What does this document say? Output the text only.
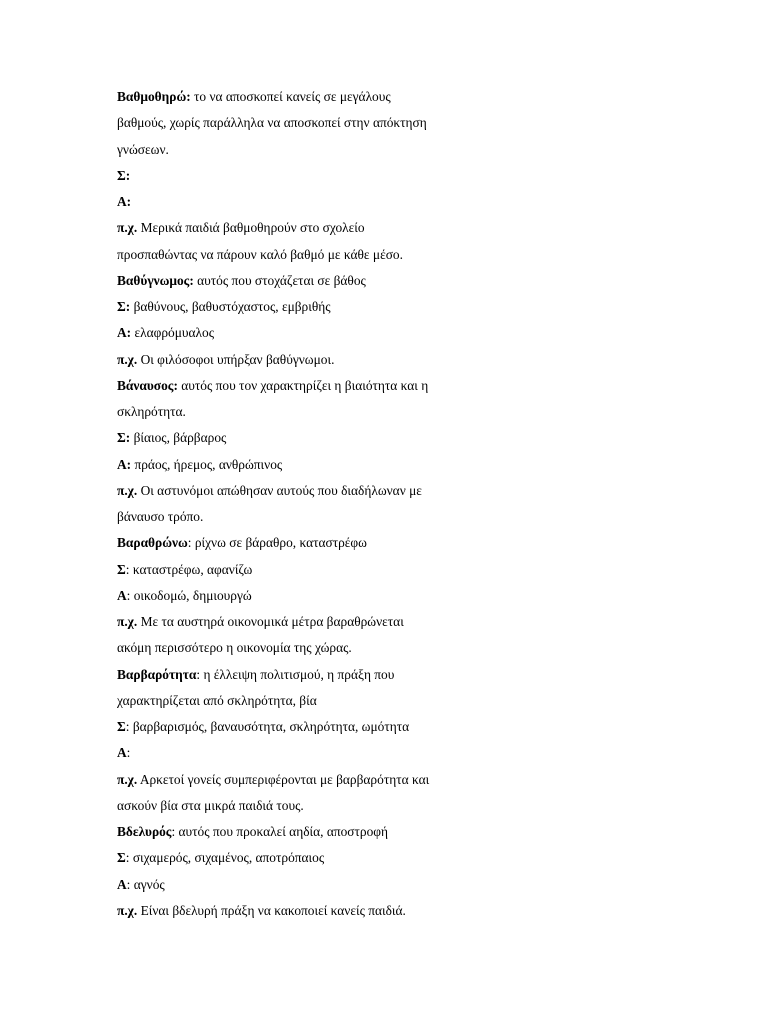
Βαθμοθηρώ: το να αποσκοπεί κανείς σε μεγάλους
βαθμούς, χωρίς παράλληλα να αποσκοπεί στην απόκτηση
γνώσεων.
Σ:
Α:
π.χ. Μερικά παιδιά βαθμοθηρούν στο σχολείο
προσπαθώντας να πάρουν καλό βαθμό με κάθε μέσο.
Βαθύγνωμος: αυτός που στοχάζεται σε βάθος
Σ: βαθύνους, βαθυστόχαστος, εμβριθής
Α: ελαφρόμυαλος
π.χ. Οι φιλόσοφοι υπήρξαν βαθύγνωμοι.
Βάναυσος: αυτός που τον χαρακτηρίζει η βιαιότητα και η
σκληρότητα.
Σ: βίαιος, βάρβαρος
Α: πράος, ήρεμος, ανθρώπινος
π.χ. Οι αστυνόμοι απώθησαν αυτούς που διαδήλωναν με
βάναυσο τρόπο.
Βαραθρώνω: ρίχνω σε βάραθρο, καταστρέφω
Σ: καταστρέφω, αφανίζω
Α: οικοδομώ, δημιουργώ
π.χ. Με τα αυστηρά οικονομικά μέτρα βαραθρώνεται
ακόμη περισσότερο η οικονομία της χώρας.
Βαρβαρότητα: η έλλειψη πολιτισμού, η πράξη που
χαρακτηρίζεται από σκληρότητα, βία
Σ: βαρβαρισμός, βαναυσότητα, σκληρότητα, ωμότητα
Α:
π.χ. Αρκετοί γονείς συμπεριφέρονται με βαρβαρότητα και
ασκούν βία στα μικρά παιδιά τους.
Βδελυρός: αυτός που προκαλεί αηδία, αποστροφή
Σ: σιχαμερός, σιχαμένος, αποτρόπαιος
Α: αγνός
π.χ. Είναι βδελυρή πράξη να κακοποιεί κανείς παιδιά.
